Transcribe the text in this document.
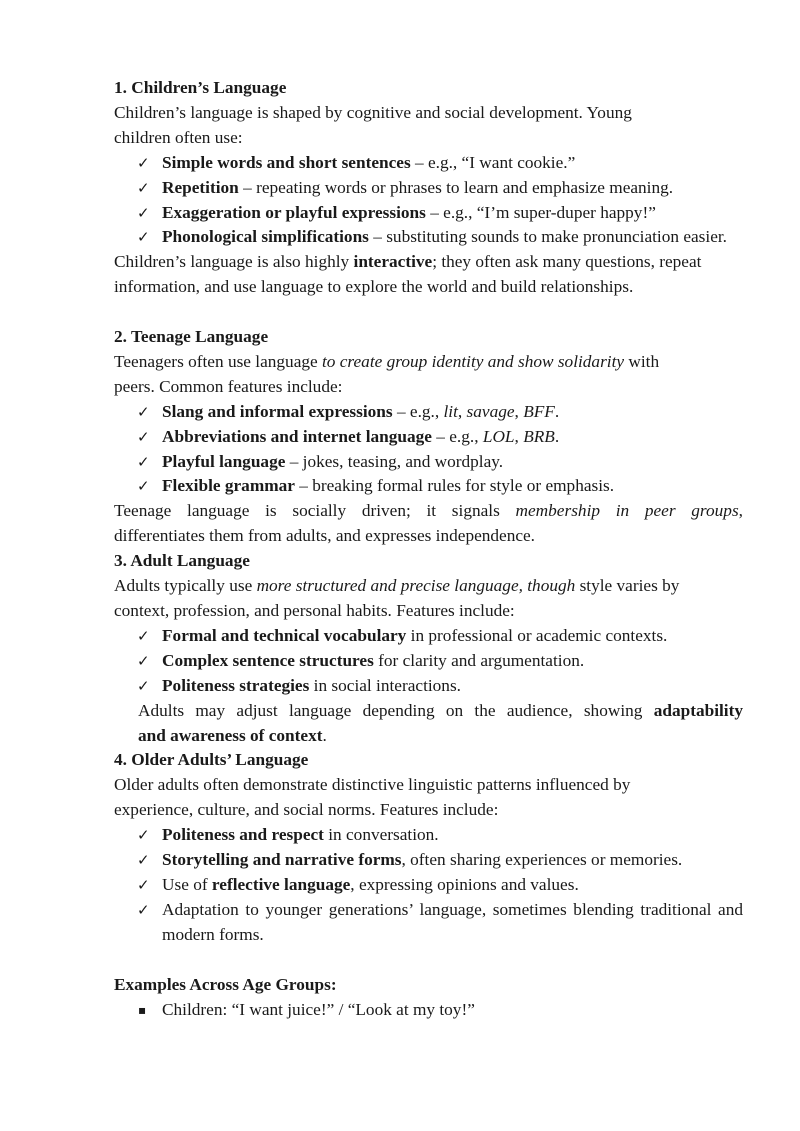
1. Children’s Language

Children’s language is shaped by cognitive and social development. Young

children often use:

✓ Simple words and short sentences – e.g., “I want cookie.”
✓ Repetition – repeating words or phrases to learn and emphasize meaning.
✓ Exaggeration or playful expressions – e.g., “I’m super-duper happy!”
✓ Phonological simplifications – substituting sounds to make pronunciation easier.

Children’s language is also highly interactive; they often ask many questions, repeat

information, and use language to explore the world and build relationships.

2. Teenage Language

Teenagers often use language to create group identity and show solidarity with

peers. Common features include:

✓ Slang and informal expressions – e.g., lit, savage, BFF.
✓ Abbreviations and internet language – e.g., LOL, BRB.
✓ Playful language – jokes, teasing, and wordplay.
✓ Flexible grammar – breaking formal rules for style or emphasis.

Teenage language is socially driven; it signals membership in peer groups,

differentiates them from adults, and expresses independence.

3. Adult Language

Adults typically use more structured and precise language, though style varies by

context, profession, and personal habits. Features include:

✓ Formal and technical vocabulary in professional or academic contexts.
✓ Complex sentence structures for clarity and argumentation.
✓ Politeness strategies in social interactions.

Adults may adjust language depending on the audience, showing adaptability

and awareness of context.

4. Older Adults’ Language

Older adults often demonstrate distinctive linguistic patterns influenced by

experience, culture, and social norms. Features include:

✓ Politeness and respect in conversation.
✓ Storytelling and narrative forms, often sharing experiences or memories.
✓ Use of reflective language, expressing opinions and values.
✓ Adaptation to younger generations’ language, sometimes blending traditional and modern forms.

Examples Across Age Groups:

▪ Children: “I want juice!” / “Look at my toy!”
